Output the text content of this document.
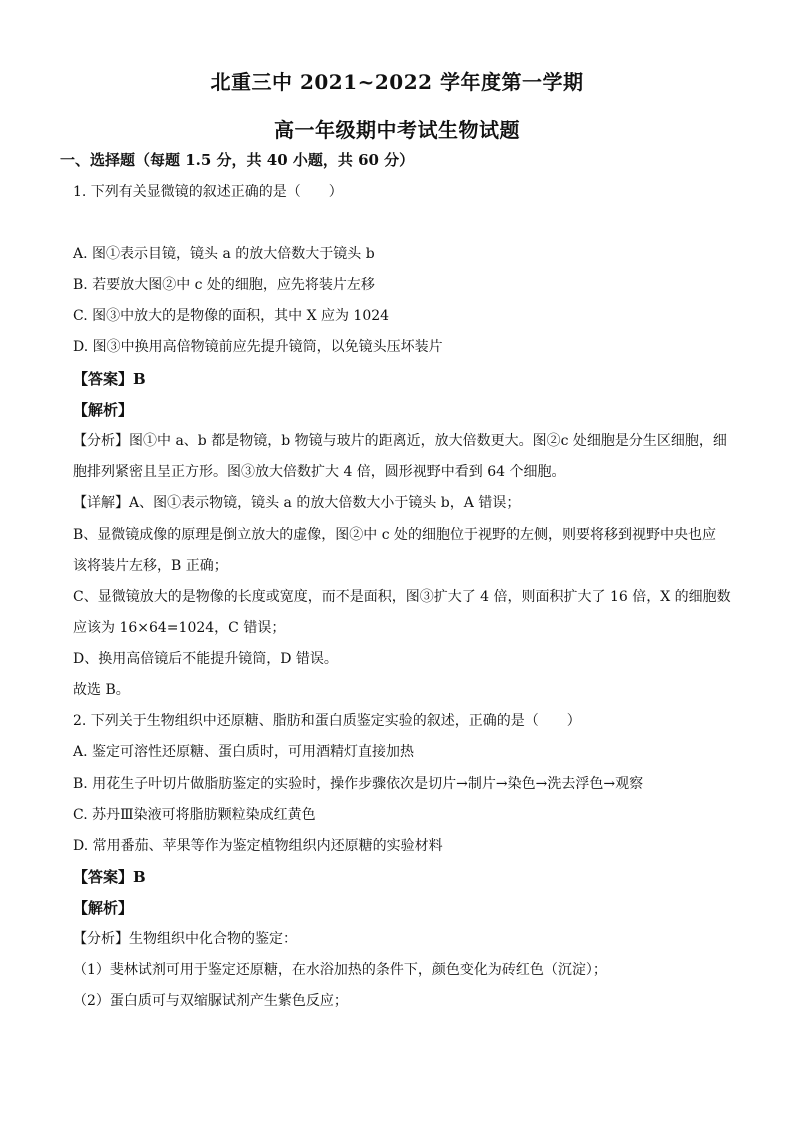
北重三中 2021~2022 学年度第一学期
高一年级期中考试生物试题
一、选择题（每题 1.5 分，共 40 小题，共 60 分）
1. 下列有关显微镜的叙述正确的是（　　）
A. 图①表示目镜，镜头 a 的放大倍数大于镜头 b
B. 若要放大图②中 c 处的细胞，应先将装片左移
C. 图③中放大的是物像的面积，其中 X 应为 1024
D. 图③中换用高倍物镜前应先提升镜筒，以免镜头压坏装片
【答案】B
【解析】
【分析】图①中 a、b 都是物镜，b 物镜与玻片的距离近，放大倍数更大。图②c 处细胞是分生区细胞，细
胞排列紧密且呈正方形。图③放大倍数扩大 4 倍，圆形视野中看到 64 个细胞。
【详解】A、图①表示物镜，镜头 a 的放大倍数大小于镜头 b，A 错误；
B、显微镜成像的原理是倒立放大的虚像，图②中 c 处的细胞位于视野的左侧，则要将移到视野中央也应
该将装片左移，B 正确；
C、显微镜放大的是物像的长度或宽度，而不是面积，图③扩大了 4 倍，则面积扩大了 16 倍，X 的细胞数
应该为 16×64=1024，C 错误；
D、换用高倍镜后不能提升镜筒，D 错误。
故选 B。
2. 下列关于生物组织中还原糖、脂肪和蛋白质鉴定实验的叙述，正确的是（　　）
A. 鉴定可溶性还原糖、蛋白质时，可用酒精灯直接加热
B. 用花生子叶切片做脂肪鉴定的实验时，操作步骤依次是切片→制片→染色→洗去浮色→观察
C. 苏丹Ⅲ染液可将脂肪颗粒染成红黄色
D. 常用番茄、苹果等作为鉴定植物组织内还原糖的实验材料
【答案】B
【解析】
【分析】生物组织中化合物的鉴定：
（1）斐林试剂可用于鉴定还原糖，在水浴加热的条件下，颜色变化为砖红色（沉淀）；
（2）蛋白质可与双缩脲试剂产生紫色反应；
